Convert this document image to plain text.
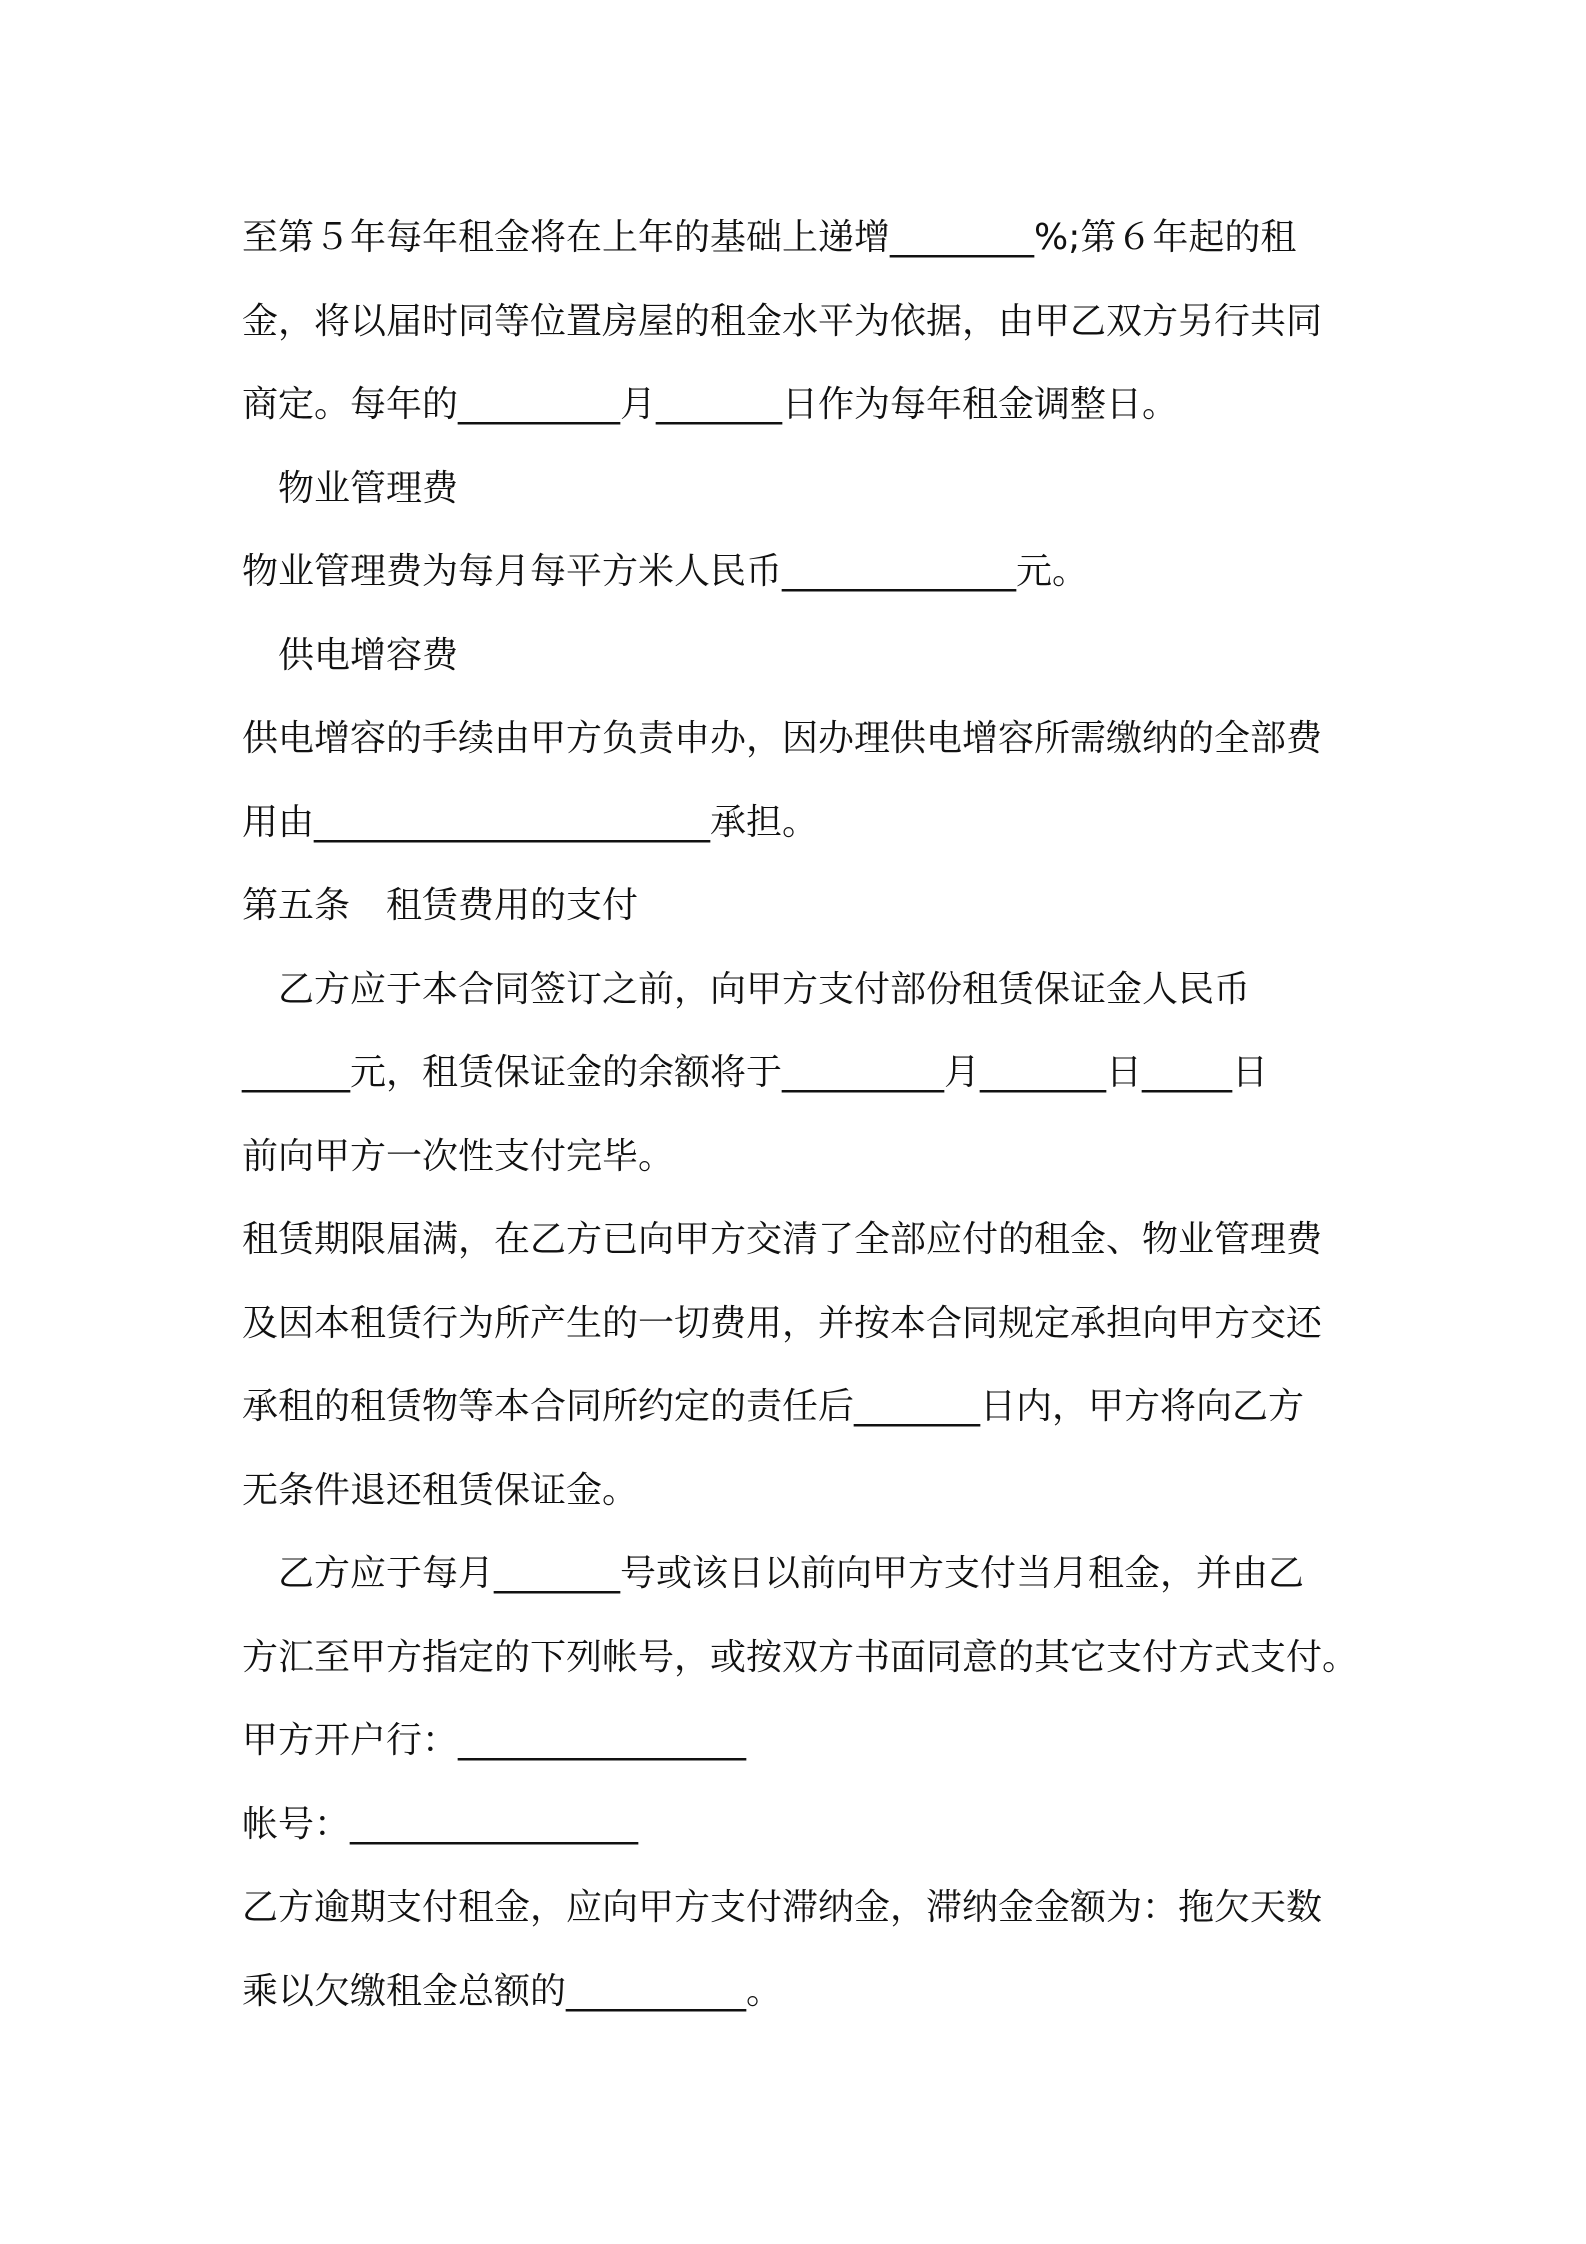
至第５年每年租金将在上年的基础上递增________%;第６年起的租

金，将以届时同等位置房屋的租金水平为依据，由甲乙双方另行共同

商定。每年的_________月_______日作为每年租金调整日。

物业管理费

物业管理费为每月每平方米人民币_____________元。

供电增容费

供电增容的手续由甲方负责申办，因办理供电增容所需缴纳的全部费

用由______________________承担。

第五条　租赁费用的支付

乙方应于本合同签订之前，向甲方支付部份租赁保证金人民币

______元，租赁保证金的余额将于_________月_______日_____日

前向甲方一次性支付完毕。

租赁期限届满，在乙方已向甲方交清了全部应付的租金、物业管理费

及因本租赁行为所产生的一切费用，并按本合同规定承担向甲方交还

承租的租赁物等本合同所约定的责任后_______日内，甲方将向乙方

无条件退还租赁保证金。

乙方应于每月_______号或该日以前向甲方支付当月租金，并由乙

方汇至甲方指定的下列帐号，或按双方书面同意的其它支付方式支付。

甲方开户行：________________

帐号：________________

乙方逾期支付租金，应向甲方支付滞纳金，滞纳金金额为：拖欠天数

乘以欠缴租金总额的__________。
